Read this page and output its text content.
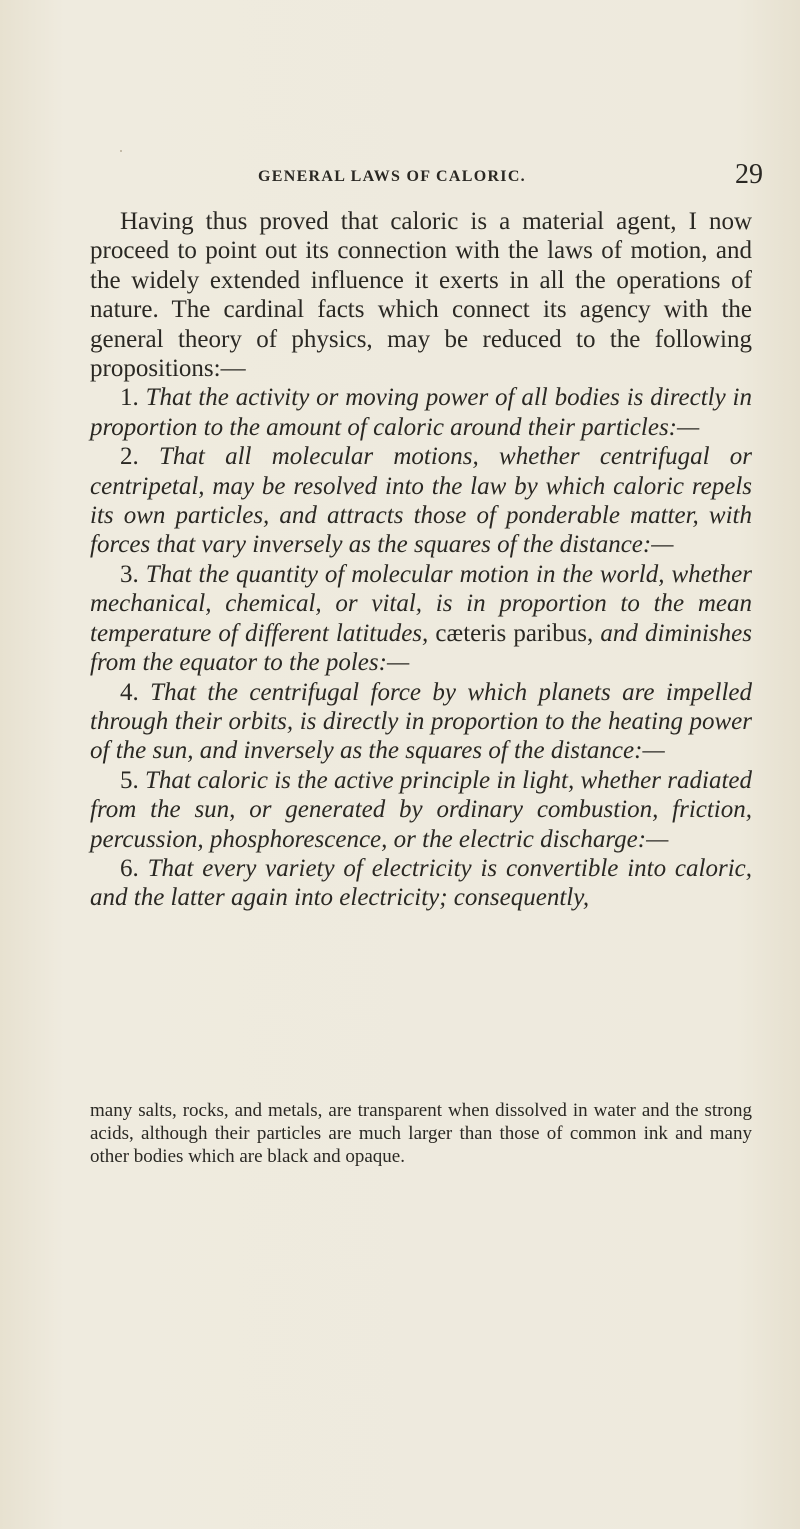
GENERAL LAWS OF CALORIC.	29

Having thus proved that caloric is a material agent, I now proceed to point out its connection with the laws of motion, and the widely extended influence it exerts in all the operations of nature. The cardinal facts which connect its agency with the general theory of physics, may be reduced to the following propositions:—

1. That the activity or moving power of all bodies is directly in proportion to the amount of caloric around their particles:—

2. That all molecular motions, whether centrifugal or centripetal, may be resolved into the law by which caloric repels its own particles, and attracts those of ponderable matter, with forces that vary inversely as the squares of the distance:—

3. That the quantity of molecular motion in the world, whether mechanical, chemical, or vital, is in proportion to the mean temperature of different latitudes, cæteris paribus, and diminishes from the equator to the poles:—

4. That the centrifugal force by which planets are impelled through their orbits, is directly in proportion to the heating power of the sun, and inversely as the squares of the distance:—

5. That caloric is the active principle in light, whether radiated from the sun, or generated by ordinary combustion, friction, percussion, phosphorescence, or the electric discharge:—

6. That every variety of electricity is convertible into caloric, and the latter again into electricity; consequently,

many salts, rocks, and metals, are transparent when dissolved in water and the strong acids, although their particles are much larger than those of common ink and many other bodies which are black and opaque.
